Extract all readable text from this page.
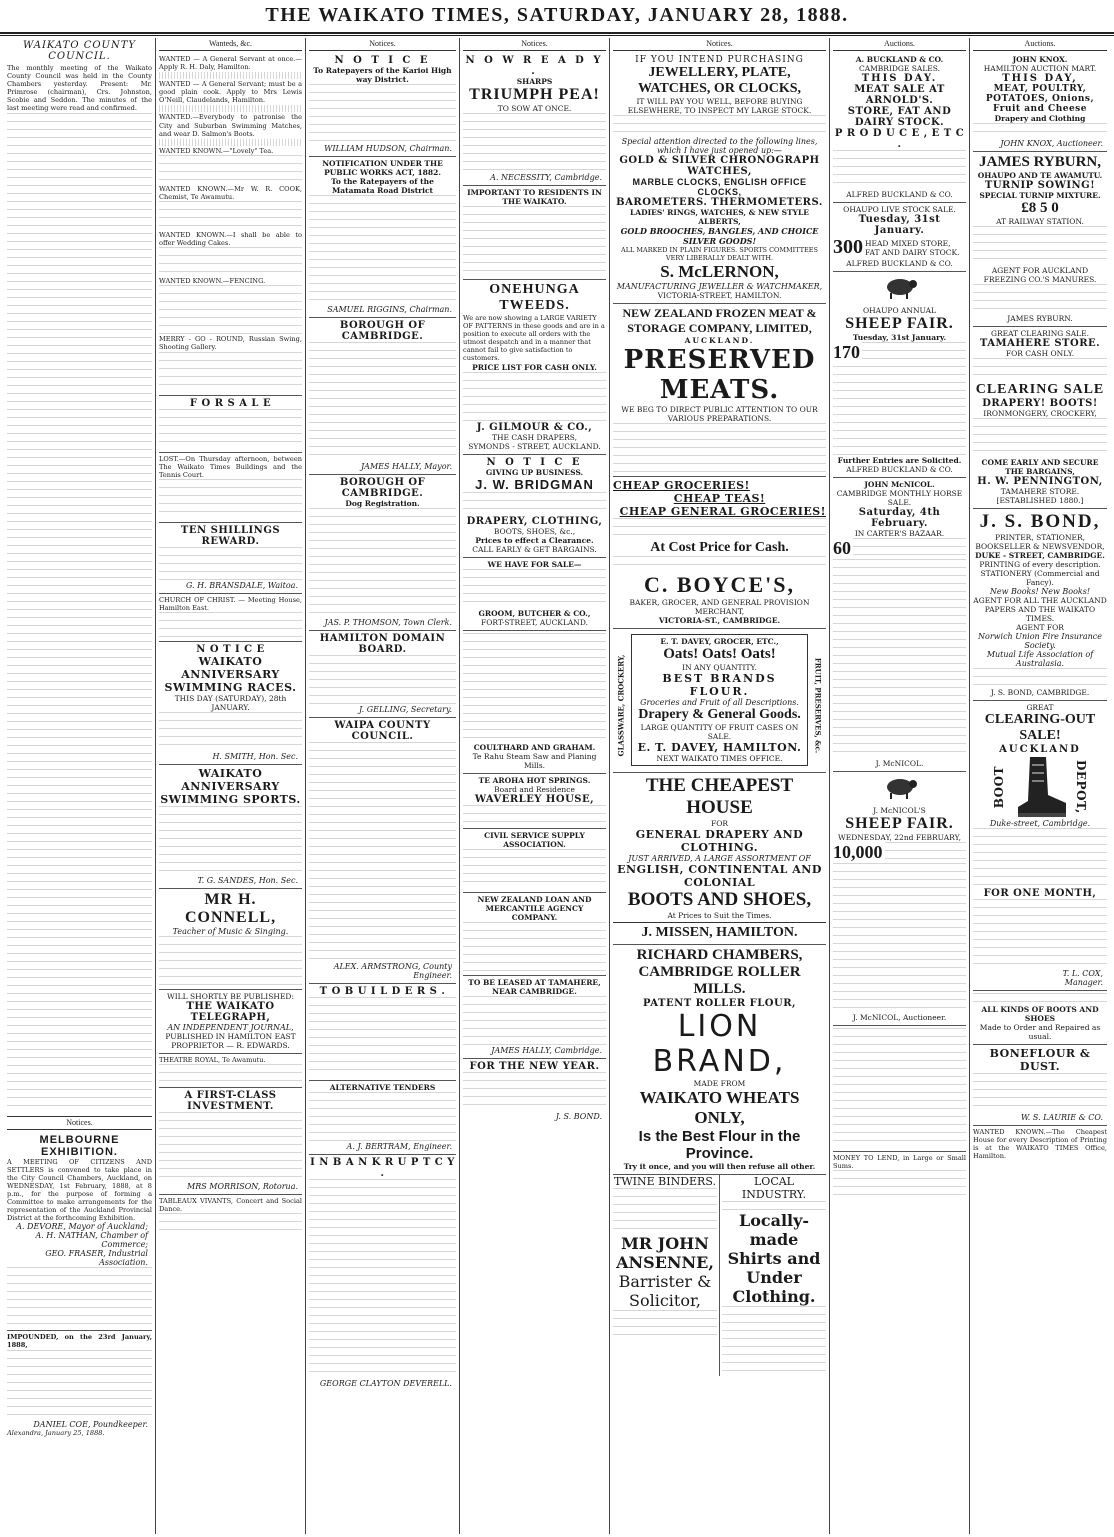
THE WAIKATO TIMES, SATURDAY, JANUARY 28, 1888.
WAIKATO COUNTY COUNCIL.
The monthly meeting of the Waikato County Council was held in the County Chambers yesterday. Present: Mr. Primrose (chairman), Crs. Johnston, Scobie and Seddon. The minutes of the last meeting were read and confirmed.
Notices.
MELBOURNE EXHIBITION.
A MEETING OF CITIZENS AND SETTLERS is convened to take place in the City Council Chambers, Auckland, on WEDNESDAY, 1st February, 1888, at 8 p.m., for the purpose of forming a Committee to make arrangements for the representation of the Auckland Provincial District at the forthcoming Exhibition.
A. DEVORE, Mayor of Auckland;
A. H. NATHAN, Chamber of Commerce;
GEO. FRASER, Industrial Association.
IMPOUNDED, on the 23rd January, 1888,
DANIEL COE, Poundkeeper.
Alexandra, January 25, 1888.
Wanteds, &c.
WANTED — A General Servant at once.—Apply R. H. Daly, Hamilton.
WANTED — A General Servant; must be a good plain cook. Apply to Mrs Lewis O'Neill, Claudelands, Hamilton.
WANTED.—Everybody to patronise the City and Suburban Swimming Matches, and wear D. Salmon's Boots.
WANTED KNOWN.—"Lovely" Tea.
WANTED KNOWN.—Mr W. R. COOK, Chemist, Te Awamutu.
WANTED KNOWN.—I shall be able to offer Wedding Cakes.
WANTED KNOWN.—FENCING.
MERRY - GO - ROUND, Russian Swing, Shooting Gallery.
F O R S A L E
LOST.—On Thursday afternoon, between The Waikato Times Buildings and the Tennis Court.
TEN SHILLINGS REWARD.
G. H. BRANSDALE, Waitoa.
CHURCH OF CHRIST. — Meeting House, Hamilton East.
N O T I C E
WAIKATO ANNIVERSARY SWIMMING RACES.
THIS DAY (SATURDAY), 28th JANUARY.
H. SMITH, Hon. Sec.
WAIKATO ANNIVERSARY SWIMMING SPORTS.
T. G. SANDES, Hon. Sec.
MR H. CONNELL,
Teacher of Music & Singing.
WILL SHORTLY BE PUBLISHED:
THE WAIKATO TELEGRAPH,
AN INDEPENDENT JOURNAL,
PUBLISHED IN HAMILTON EAST
PROPRIETOR — R. EDWARDS.
THEATRE ROYAL, Te Awamutu.
A FIRST-CLASS INVESTMENT.
MRS MORRISON, Rotorua.
TABLEAUX VIVANTS, Concert and Social Dance.
Notices.
N O T I C E
To Ratepayers of the Karioi High way District.
WILLIAM HUDSON, Chairman.
NOTIFICATION UNDER THE PUBLIC WORKS ACT, 1882.
To the Ratepayers of the Matamata Road District
SAMUEL RIGGINS, Chairman.
BOROUGH OF CAMBRIDGE.
JAMES HALLY, Mayor.
BOROUGH OF CAMBRIDGE.
Dog Registration.
JAS. P. THOMSON, Town Clerk.
HAMILTON DOMAIN BOARD.
J. GELLING, Secretary.
WAIPA COUNTY COUNCIL.
ALEX. ARMSTRONG, County Engineer.
T O B U I L D E R S .
ALTERNATIVE TENDERS
A. J. BERTRAM, Engineer.
I N B A N K R U P T C Y .
GEORGE CLAYTON DEVERELL.
Notices.
N O W R E A D Y .
SHARPS
TRIUMPH PEA!
TO SOW AT ONCE.
A. NECESSITY, Cambridge.
IMPORTANT TO RESIDENTS IN THE WAIKATO.
ONEHUNGA TWEEDS.
We are now showing a LARGE VARIETY OF PATTERNS in these goods and are in a position to execute all orders with the utmost despatch and in a manner that cannot fail to give satisfaction to customers.
PRICE LIST FOR CASH ONLY.
J. GILMOUR & CO.,
THE CASH DRAPERS,
SYMONDS - STREET, AUCKLAND.
N O T I C E
GIVING UP BUSINESS.
J. W. BRIDGMAN
DRAPERY, CLOTHING,
BOOTS, SHOES, &c.,
Prices to effect a Clearance.
CALL EARLY & GET BARGAINS.
WE HAVE FOR SALE—
GROOM, BUTCHER & CO.,
FORT-STREET, AUCKLAND.
COULTHARD AND GRAHAM.
Te Rahu Steam Saw and Planing Mills.
TE AROHA HOT SPRINGS.
Board and Residence
WAVERLEY HOUSE,
CIVIL SERVICE SUPPLY ASSOCIATION.
NEW ZEALAND LOAN AND MERCANTILE AGENCY COMPANY.
TO BE LEASED AT TAMAHERE, NEAR CAMBRIDGE.
JAMES HALLY, Cambridge.
FOR THE NEW YEAR.
J. S. BOND.
Notices.
IF YOU INTEND PURCHASING
JEWELLERY, PLATE, WATCHES, OR CLOCKS,
IT WILL PAY YOU WELL, BEFORE BUYING ELSEWHERE, TO INSPECT MY LARGE STOCK.
Special attention directed to the following lines, which I have just opened up:—
GOLD & SILVER CHRONOGRAPH WATCHES,
MARBLE CLOCKS, ENGLISH OFFICE CLOCKS,
BAROMETERS. THERMOMETERS.
LADIES' RINGS, WATCHES, & NEW STYLE ALBERTS,
GOLD BROOCHES, BANGLES, AND CHOICE SILVER GOODS!
ALL MARKED IN PLAIN FIGURES. SPORTS COMMITTEES VERY LIBERALLY DEALT WITH.
S. McLERNON,
MANUFACTURING JEWELLER & WATCHMAKER,
VICTORIA-STREET, HAMILTON.
NEW ZEALAND FROZEN MEAT & STORAGE COMPANY, LIMITED,
AUCKLAND.
PRESERVED MEATS.
WE BEG TO DIRECT PUBLIC ATTENTION TO OUR VARIOUS PREPARATIONS.
CHEAP GROCERIES!
CHEAP TEAS!
CHEAP GENERAL GROCERIES!
At Cost Price for Cash.
C. BOYCE'S,
BAKER, GROCER, AND GENERAL PROVISION MERCHANT,
VICTORIA-ST., CAMBRIDGE.
E. T. DAVEY, GROCER, ETC.,
Oats! Oats! Oats!
IN ANY QUANTITY.
BEST BRANDS FLOUR.
Groceries and Fruit of all Descriptions.
Drapery & General Goods.
LARGE QUANTITY OF FRUIT CASES ON SALE.
E. T. DAVEY, HAMILTON.
NEXT WAIKATO TIMES OFFICE.
GLASSWARE, CROCKERY,	FRUIT, PRESERVES, &c.
THE CHEAPEST HOUSE
FOR
GENERAL DRAPERY AND CLOTHING.
JUST ARRIVED, A LARGE ASSORTMENT OF
ENGLISH, CONTINENTAL AND COLONIAL
BOOTS AND SHOES,
At Prices to Suit the Times.
J. MISSEN, HAMILTON.
RICHARD CHAMBERS,
CAMBRIDGE ROLLER MILLS.
PATENT ROLLER FLOUR,
LION BRAND,
MADE FROM
WAIKATO WHEATS ONLY,
Is the Best Flour in the Province.
Try it once, and you will then refuse all other.
TWINE BINDERS.
MR JOHN ANSENNE,
Barrister & Solicitor,
LOCAL INDUSTRY.
Locally-made Shirts and Under Clothing.
Auctions.
A. BUCKLAND & CO.
CAMBRIDGE SALES.
THIS DAY.
MEAT SALE AT ARNOLD'S.
STORE, FAT AND DAIRY STOCK.
P R O D U C E , E T C .
ALFRED BUCKLAND & CO.
OHAUPO LIVE STOCK SALE.
Tuesday, 31st January.
300 HEAD MIXED STORE, FAT AND DAIRY STOCK.
ALFRED BUCKLAND & CO.
OHAUPO ANNUAL
SHEEP FAIR.
Tuesday, 31st January.
170
Further Entries are Solicited.
ALFRED BUCKLAND & CO.
JOHN McNICOL.
CAMBRIDGE MONTHLY HORSE SALE.
Saturday, 4th February.
IN CARTER'S BAZAAR.
60
J. McNICOL.
J. McNICOL'S
SHEEP FAIR.
WEDNESDAY, 22nd FEBRUARY,
10,000
J. McNICOL, Auctioneer.
MONEY TO LEND, in Large or Small Sums.
Auctions.
JOHN KNOX.
HAMILTON AUCTION MART.
THIS DAY,
MEAT, POULTRY, POTATOES, Onions, Fruit and Cheese
Drapery and Clothing
JOHN KNOX, Auctioneer.
JAMES RYBURN,
OHAUPO AND TE AWAMUTU.
TURNIP SOWING!
SPECIAL TURNIP MIXTURE.
£8 5 0
AT RAILWAY STATION.
AGENT FOR AUCKLAND FREEZING CO.'S MANURES.
JAMES RYBURN.
GREAT CLEARING SALE.
TAMAHERE STORE.
FOR CASH ONLY.
CLEARING SALE
DRAPERY! BOOTS!
IRONMONGERY, CROCKERY,
COME EARLY AND SECURE THE BARGAINS,
H. W. PENNINGTON,
TAMAHERE STORE.
[ESTABLISHED 1880.]
J. S. BOND,
PRINTER, STATIONER, BOOKSELLER & NEWSVENDOR,
DUKE - STREET, CAMBRIDGE.
PRINTING of every description.
STATIONERY (Commercial and Fancy).
New Books! New Books!
AGENT FOR ALL THE AUCKLAND PAPERS AND THE WAIKATO TIMES.
AGENT FOR
Norwich Union Fire Insurance Society.
Mutual Life Association of Australasia.
J. S. BOND, CAMBRIDGE.
GREAT
CLEARING-OUT SALE!
AUCKLAND
BOOT	DEPOT,
Duke-street, Cambridge.
FOR ONE MONTH,
T. L. COX,
Manager.
ALL KINDS OF BOOTS AND SHOES
Made to Order and Repaired as usual.
BONEFLOUR & DUST.
W. S. LAURIE & CO.
WANTED KNOWN.—The Cheapest House for every Description of Printing is at the WAIKATO TIMES Office, Hamilton.
